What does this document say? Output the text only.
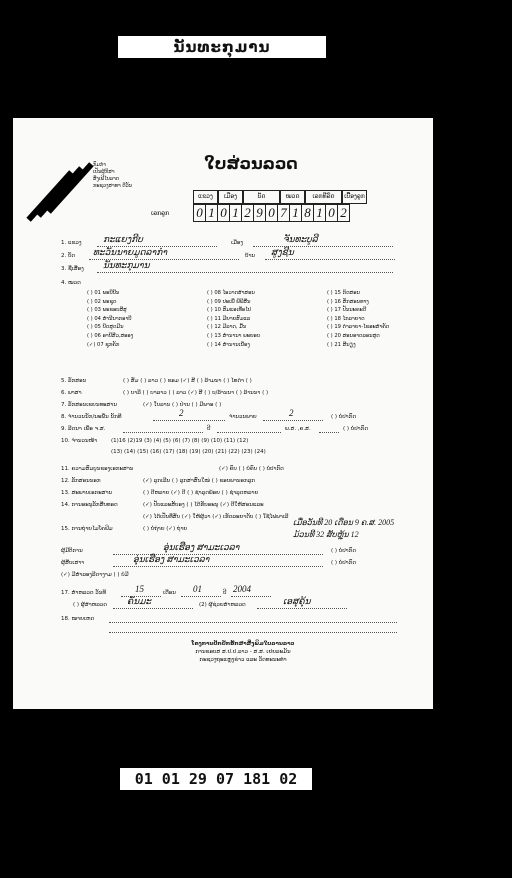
ນັນທະກຸມານ
ກົມກຳ
ເປັນຜູ້ກິສາ
ສິ່ງເຟີໄບລາດ
ກະຊວງສາທາ ດີວັນ
ໃບສ່ວນລວດ
ແຂວງ	ເມືອງ	ບັດ	ໝວດ	ເລກທີລົດ	ເບື້ອງລູກ
ເລກລູກ 0 1 0 1 2 9 0 7 1 8 1 0 2
1. ແຂວງ ກະແຍງກີບ	ເມືອງ	ຈັນທະບູລີ
2. ບັດ ທະວັນນາຍມູດລາກຳ	ບ້ານ ສູງຊີນ
3. ຊື່ເສື່ອງ ນັນທະກຸມານ
4. ໝວດ
( ) 01 ພະບີບີນ	( ) 08 ໄອວາດສຳສອນ	( ) 15 ກິດສອນ
( ) 02 ພະຊຸດ	( ) 09 ປະເພີ້ ພີພີສືນ	( ) 16 ສັກສອນທາງ
( ) 03 ພະຂອບສີສູ	( ) 10 ສົມແອເທືອໄປ	( ) 17 ປັນນະຄະດີ
( ) 04 ສຳນີນາກອາບີ	( ) 11 ມີຍາຍສົມແລ	( ) 18 ໄກລາຍາດ
( ) 05 ບີດສູດມີນ	( ) 12 ມີລາດ, ມື້ນ	( ) 19 ຕຳລາຍາ-ໄຂອະສຳຄັດ
( ) 06 ອາບີສີວ,ສອອງ	( ) 13 ສຳນານາ ພະຍອບ	( ) 20 ສອນອາດລອນສູດ
(✓) 07 ຊຸກຄັກ	( ) 14 ສຳນານເນືອງ	( ) 21 ສີນຽງ
5. ລັກສອນ	( ) ສັມ ( ) ລາວ ( ) ຂອມ (✓) ສີ ( ) ລ້າມນາ ( ) ໄທດຳ ( )
6. ພາສາ	( ) ບາລີ ( ) ບາລາວ ( ) ລາວ (✓) ສີ ( ) ບ/ລ້ານນາ ( ) ລ້ານນາ ( )
7. ລັກສອນເຂຍນທະສານ	(✓) ໃບລານ ( ) ປ່ານ ( ) ມີພາອ ( )
8. ຈຳນວນນັກ/ນະພື່ນ ນັກທີ	2	ຈຳນວນພາຍ	2	( ) ບໍ່ປາກົດ
9. ລີດນາ ເພື່ອ ຈ.ສ.	ປີ	ພ.ສ. ,ຄ.ສ.	( ) ບໍ່ປາກົດ
10. ຈຳນວນໜ້າ (1)16 (2)19 (3) (4) (5) (6) (7) (8) (9) (10) (11) (12)
(13) (14) (15) (16) (17) (18) (19) (20) (21) (22) (23) (24)
11. ຄວາມສົມບູນຂອງເອກະສານ	(✓) ຄົບ ( ) ບໍ່ຄົບ ( ) ບໍ່ປາກົດ
12. ລັກສອນນອກ	(✓) ລູກເລີນ ( ) ລູກສາສົ່ນໃໝ່ ( ) ຂອບພານອກລູກ
13. ສະພາບເອກະສານ	( ) ດີຫລາຍ (✓) ດີ ( ) ຊຳລຸດພ້ອຍ ( ) ຊຳລຸດຫລາຍ
14. ການອະນຸລັກສືບທອດ	(✓) ປັບແລະສັບອງ ( ) ໄດ້ຮັບອະນຸ (✓) ດີໃຫ້ສອນແລະ
(✓) ໄດ້ເປັນທີ່ສັບ (✓) ໃຫ້ຜູ້ວາ (✓) ເຮັດລະຍາດັບ ( ) ໃຊ້ໄຟພາເລີ
15. ການຖ່າຍໄມໂຄຟີມ	( ) ບໍ່ຖ່າຍ (✓) ຖ່າຍ
ເມື່ອວັນທີ 20 ເດືອນ 9 ຄ.ສ. 2005
ມ້ວນທີ 32 ສັບຫຼຸ້ນ 12
ຜູ້ມີຕິການ	ອຸ່ນເຮືອງ ສາມະເວລາ	( ) ບໍ່ປາກົດ
ຜູ້ສືບເສາາ	ອຸ່ນເຮືອງ ສາມະເວລາ	( ) ບໍ່ປາກົດ
(✓) ມີສຳລອງລີດາງາມ ( ) ບໍ່ມີ
17. ສຳຫລວດ ວັນທີ	15	ເດືອນ 01	ປີ 2004
( ) ຜູ້ສຳຫລວດ ຄັນມະ	(2) ຜູ້ຊ່ວຍສຳຫລວດ	ເອສຸຄຸ້ນ
18. ໝາຍເຫດ
ໂຄງການປັກປັກຮັກສາສິ່ງພິມໃບລານລາວ
ການຂອບສ ສ.ປ.ປ.ລາວ - ສ.ສ. ເຢຍລະມັນ
ກະຊວງຖະແຫຼງຂ່າວ ແລະ ວັດທະນະທຳ
01 01 29 07 181 02
